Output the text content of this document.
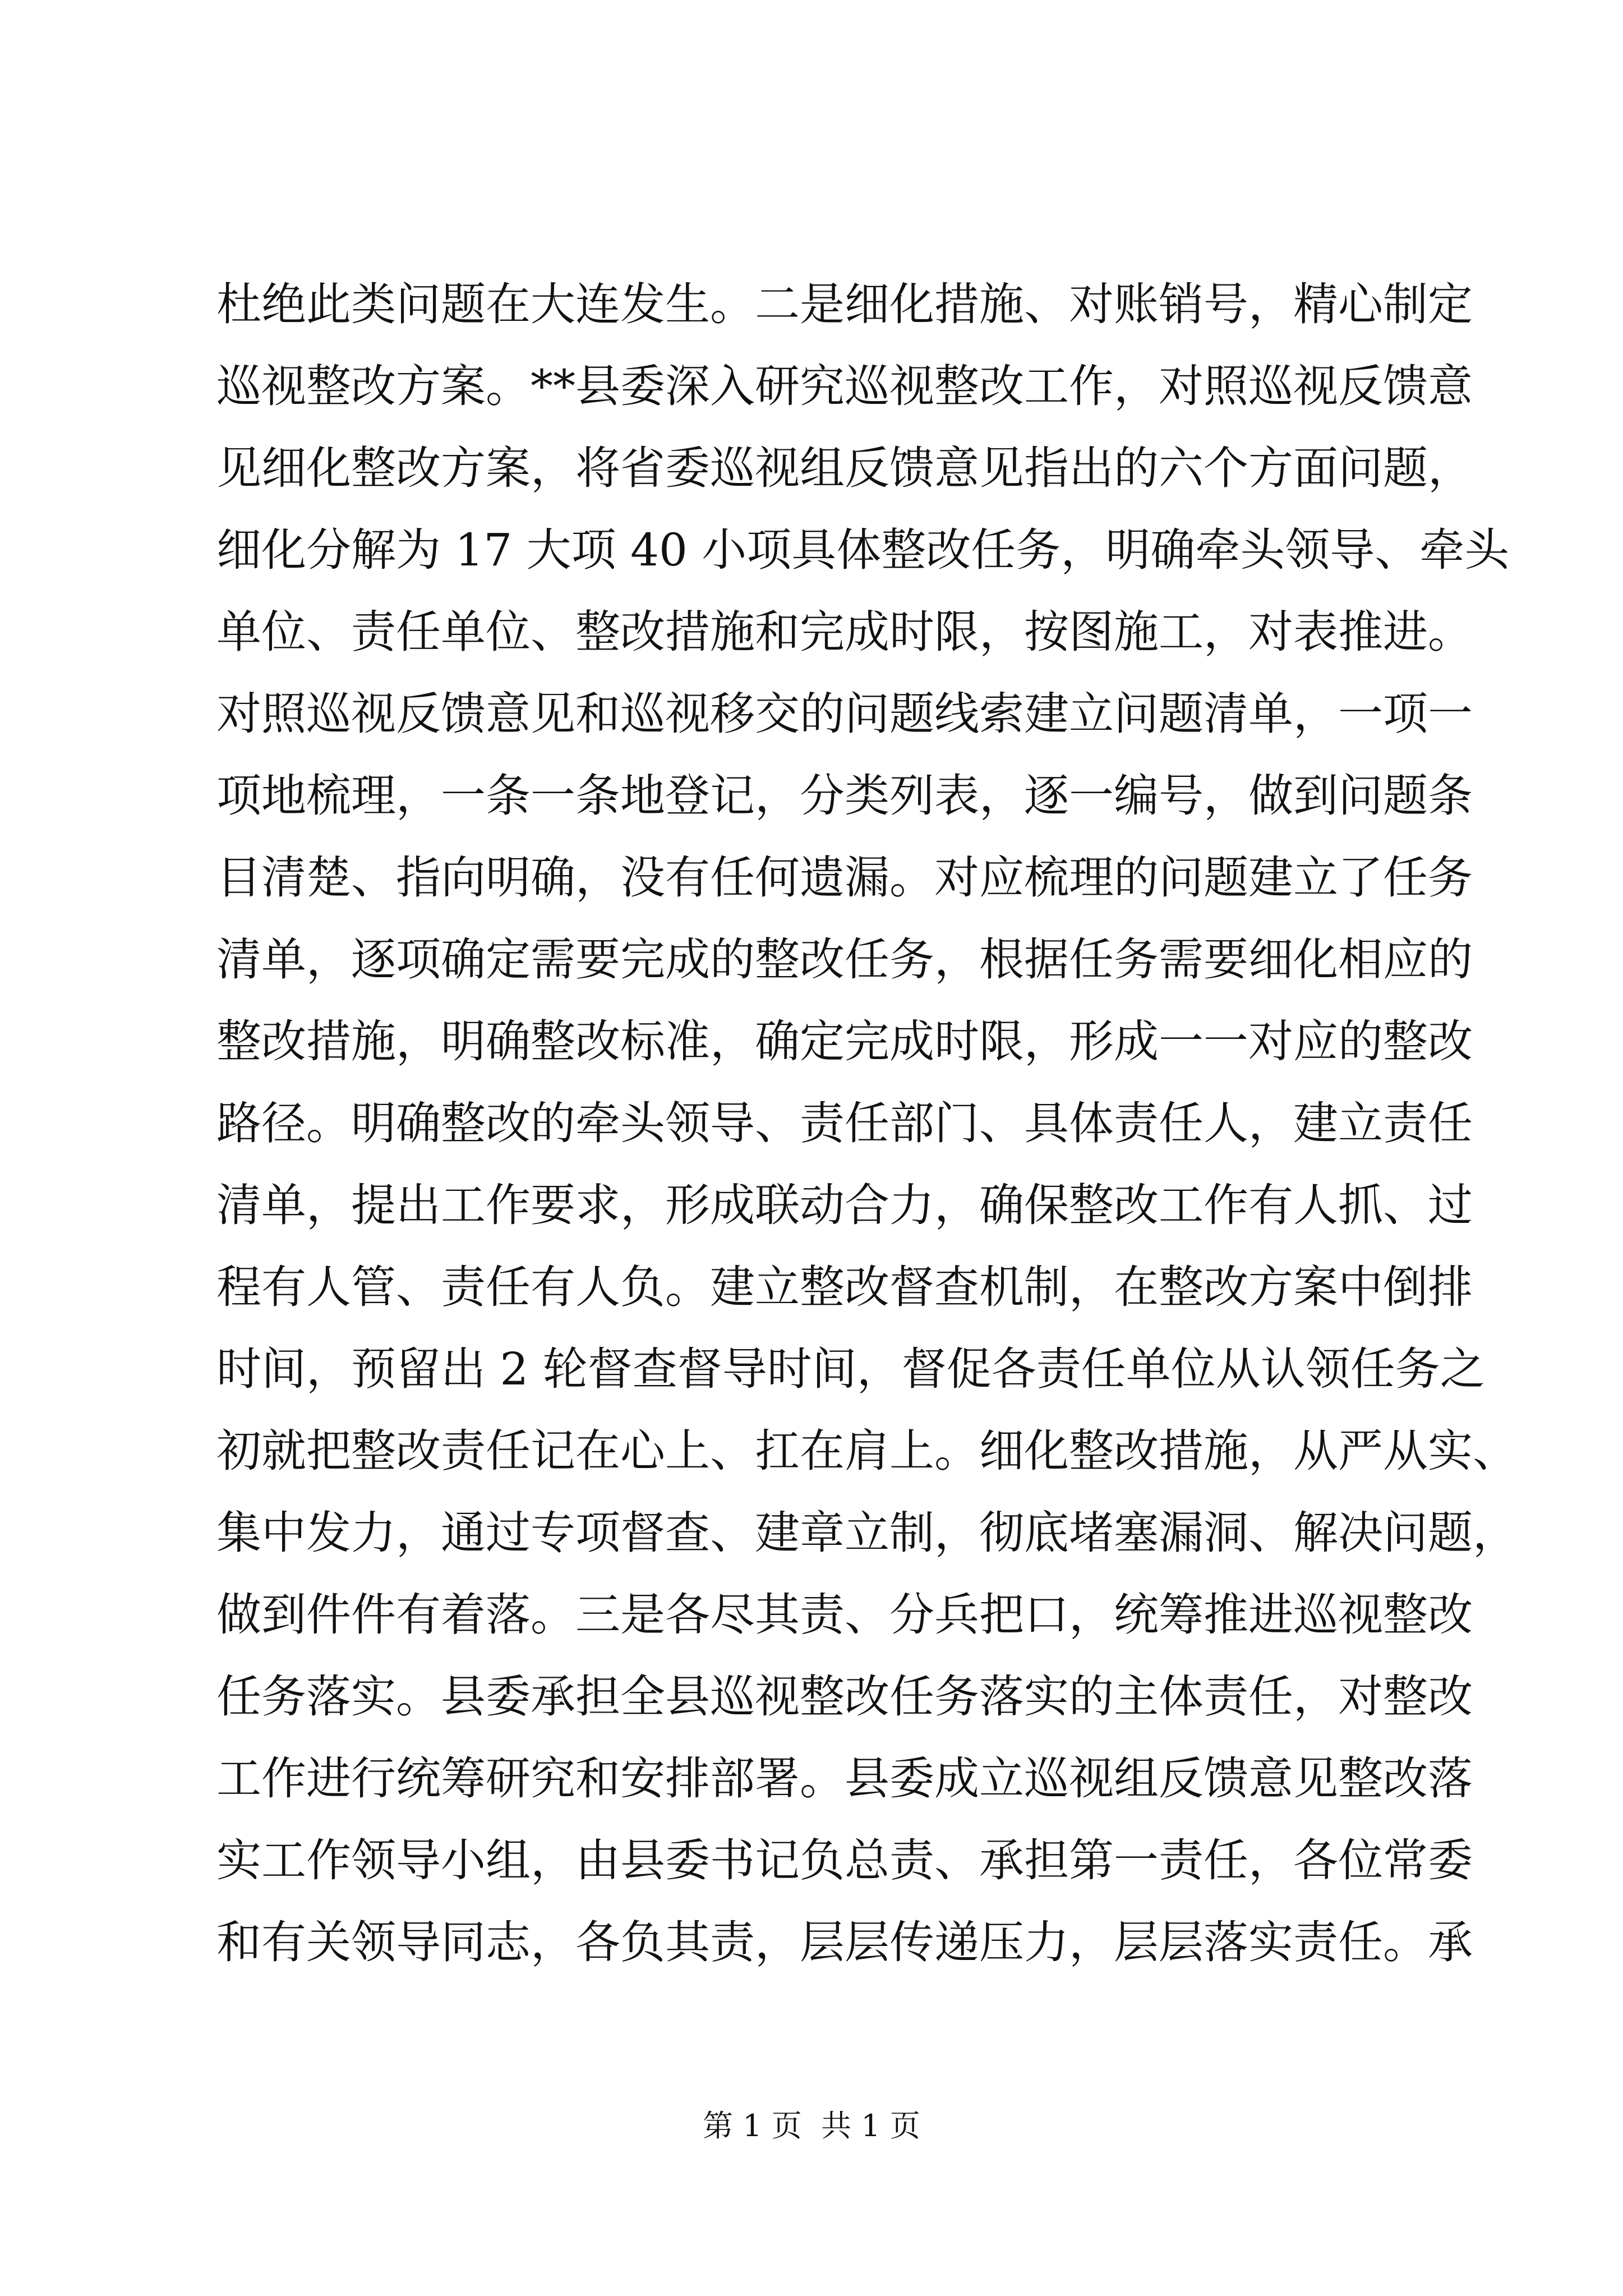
杜绝此类问题在大连发生。二是细化措施、对账销号，精心制定
巡视整改方案。**县委深入研究巡视整改工作，对照巡视反馈意
见细化整改方案，将省委巡视组反馈意见指出的六个方面问题，
细化分解为 17 大项 40 小项具体整改任务，明确牵头领导、牵头
单位、责任单位、整改措施和完成时限，按图施工，对表推进。
对照巡视反馈意见和巡视移交的问题线索建立问题清单，一项一
项地梳理，一条一条地登记，分类列表，逐一编号，做到问题条
目清楚、指向明确，没有任何遗漏。对应梳理的问题建立了任务
清单，逐项确定需要完成的整改任务，根据任务需要细化相应的
整改措施，明确整改标准，确定完成时限，形成一一对应的整改
路径。明确整改的牵头领导、责任部门、具体责任人，建立责任
清单，提出工作要求，形成联动合力，确保整改工作有人抓、过
程有人管、责任有人负。建立整改督查机制，在整改方案中倒排
时间，预留出 2 轮督查督导时间，督促各责任单位从认领任务之
初就把整改责任记在心上、扛在肩上。细化整改措施，从严从实、
集中发力，通过专项督查、建章立制，彻底堵塞漏洞、解决问题，
做到件件有着落。三是各尽其责、分兵把口，统筹推进巡视整改
任务落实。县委承担全县巡视整改任务落实的主体责任，对整改
工作进行统筹研究和安排部署。县委成立巡视组反馈意见整改落
实工作领导小组，由县委书记负总责、承担第一责任，各位常委
和有关领导同志，各负其责，层层传递压力，层层落实责任。承
第 1 页  共 1 页
